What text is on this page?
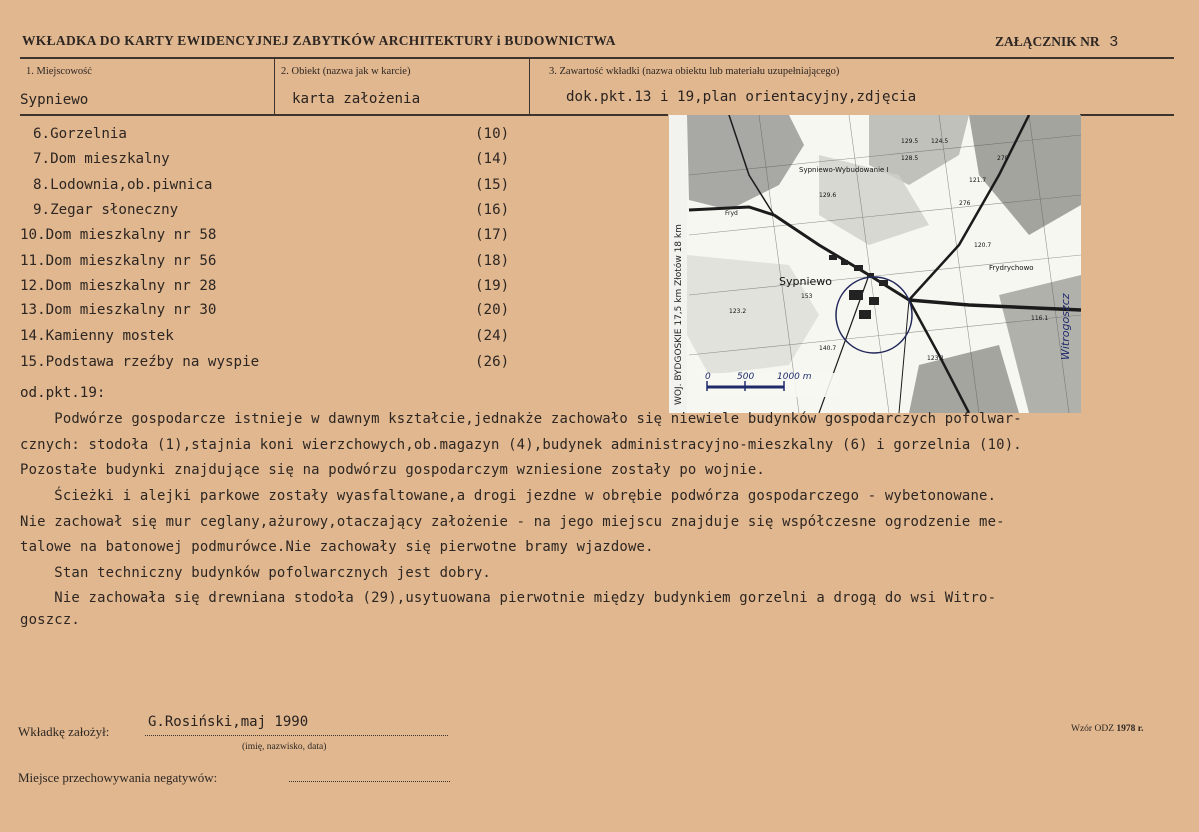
WKŁADKA DO KARTY EWIDENCYJNEJ ZABYTKÓW ARCHITEKTURY i BUDOWNICTWA	ZAŁĄCZNIK NR 3
1. Miejscowość	2. Obiekt (nazwa jak w karcie)	3. Zawartość wkładki (nazwa obiektu lub materiału uzupełniającego)
Sypniewo	karta założenia	dok.pkt.13 i 19,plan orientacyjny,zdjęcia
6.Gorzelnia	(10)
7.Dom mieszkalny	(14)
8.Lodownia,ob.piwnica	(15)
9.Zegar słoneczny	(16)
10.Dom mieszkalny nr 58	(17)
11.Dom mieszkalny nr 56	(18)
12.Dom mieszkalny nr 28	(19)
13.Dom mieszkalny nr 30	(20)
14.Kamienny mostek	(24)
15.Podstawa rzeźby na wyspie	(26)	WOJ. BYDGOSKIE 17,5 km Złotów 18 km	Sypniewo
153
Sypniewo-Wybudowanie I
Fryd
Frydrychowo
129.5
128.5
124.5
270
121.7
276
129.6
123.2
120.7
140.7
123.1
116.1 Witrogoszcz
0	500	1000 m
od.pkt.19:
Podwórze gospodarcze istnieje w dawnym kształcie,jednakże zachowało się niewiele budynków gospodarczych pofolwar-
cznych: stodoła (1),stajnia koni wierzchowych,ob.magazyn (4),budynek administracyjno-mieszkalny (6) i gorzelnia (10).
Pozostałe budynki znajdujące się na podwórzu gospodarczym wzniesione zostały po wojnie.
Ścieżki i alejki parkowe zostały wyasfaltowane,a drogi jezdne w obrębie podwórza gospodarczego - wybetonowane.
Nie zachował się mur ceglany,ażurowy,otaczający założenie - na jego miejscu znajduje się współczesne ogrodzenie me-
talowe na batonowej podmurówce.Nie zachowały się pierwotne bramy wjazdowe.
Stan techniczny budynków pofolwarcznych jest dobry.
Nie zachowała się drewniana stodoła (29),usytuowana pierwotnie między budynkiem gorzelni a drogą do wsi Witro-
goszcz.
Wkładkę założył:
G.Rosiński,maj 1990
(imię, nazwisko, data)
Miejsce przechowywania negatywów:
Wzór ODZ 1978 r.
